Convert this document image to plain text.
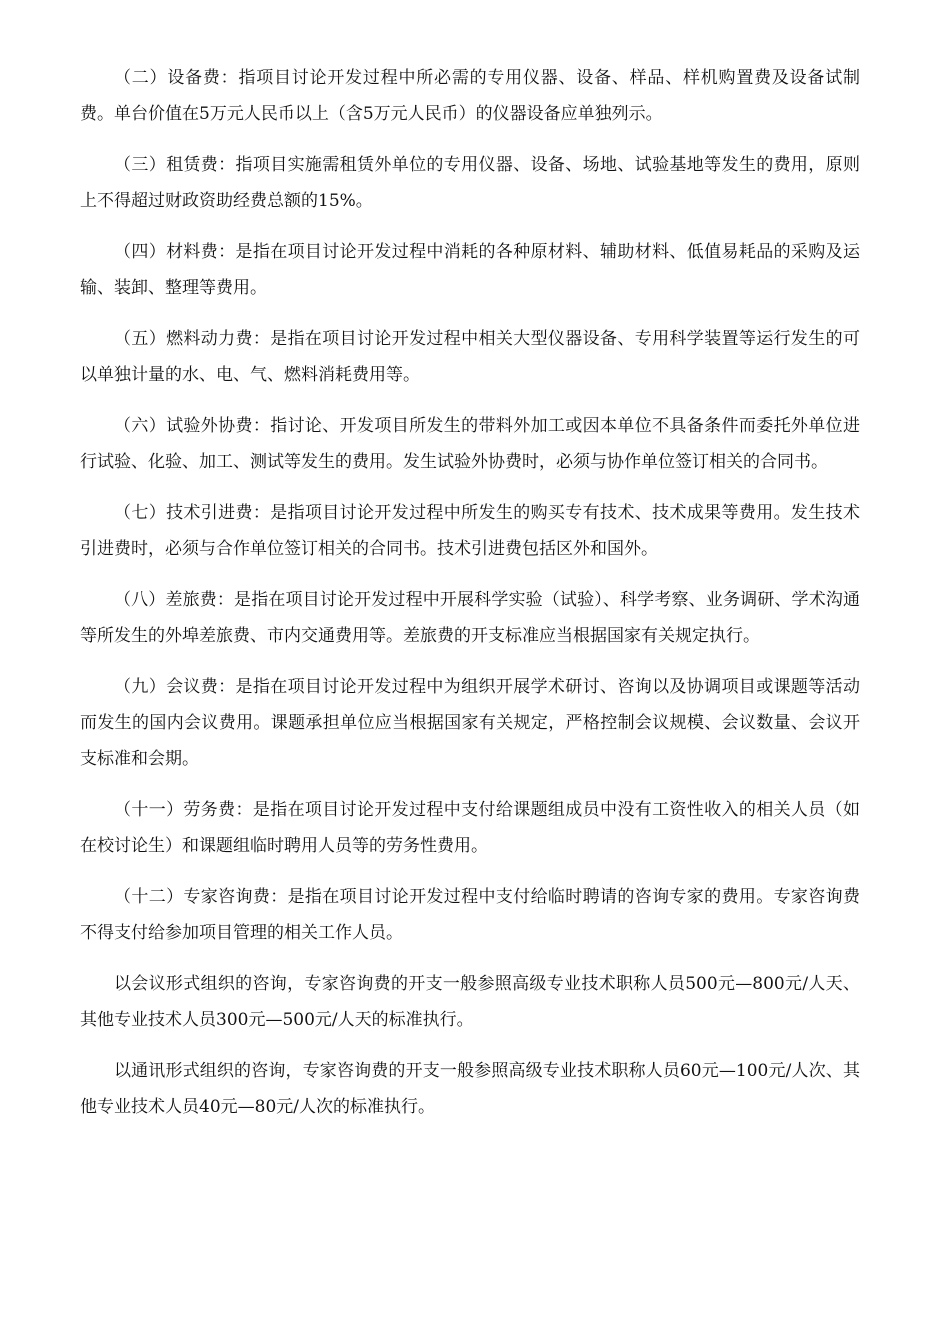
（二）设备费：指项目讨论开发过程中所必需的专用仪器、设备、样品、样机购置费及设备试制费。单台价值在5万元人民币以上（含5万元人民币）的仪器设备应单独列示。

（三）租赁费：指项目实施需租赁外单位的专用仪器、设备、场地、试验基地等发生的费用，原则上不得超过财政资助经费总额的15%。

（四）材料费：是指在项目讨论开发过程中消耗的各种原材料、辅助材料、低值易耗品的采购及运输、装卸、整理等费用。

（五）燃料动力费：是指在项目讨论开发过程中相关大型仪器设备、专用科学装置等运行发生的可以单独计量的水、电、气、燃料消耗费用等。

（六）试验外协费：指讨论、开发项目所发生的带料外加工或因本单位不具备条件而委托外单位进行试验、化验、加工、测试等发生的费用。发生试验外协费时，必须与协作单位签订相关的合同书。

（七）技术引进费：是指项目讨论开发过程中所发生的购买专有技术、技术成果等费用。发生技术引进费时，必须与合作单位签订相关的合同书。技术引进费包括区外和国外。

（八）差旅费：是指在项目讨论开发过程中开展科学实验（试验）、科学考察、业务调研、学术沟通等所发生的外埠差旅费、市内交通费用等。差旅费的开支标准应当根据国家有关规定执行。

（九）会议费：是指在项目讨论开发过程中为组织开展学术研讨、咨询以及协调项目或课题等活动而发生的国内会议费用。课题承担单位应当根据国家有关规定，严格控制会议规模、会议数量、会议开支标准和会期。

（十一）劳务费：是指在项目讨论开发过程中支付给课题组成员中没有工资性收入的相关人员（如在校讨论生）和课题组临时聘用人员等的劳务性费用。

（十二）专家咨询费：是指在项目讨论开发过程中支付给临时聘请的咨询专家的费用。专家咨询费不得支付给参加项目管理的相关工作人员。

以会议形式组织的咨询，专家咨询费的开支一般参照高级专业技术职称人员500元—800元/人天、其他专业技术人员300元—500元/人天的标准执行。

以通讯形式组织的咨询，专家咨询费的开支一般参照高级专业技术职称人员60元—100元/人次、其他专业技术人员40元—80元/人次的标准执行。
